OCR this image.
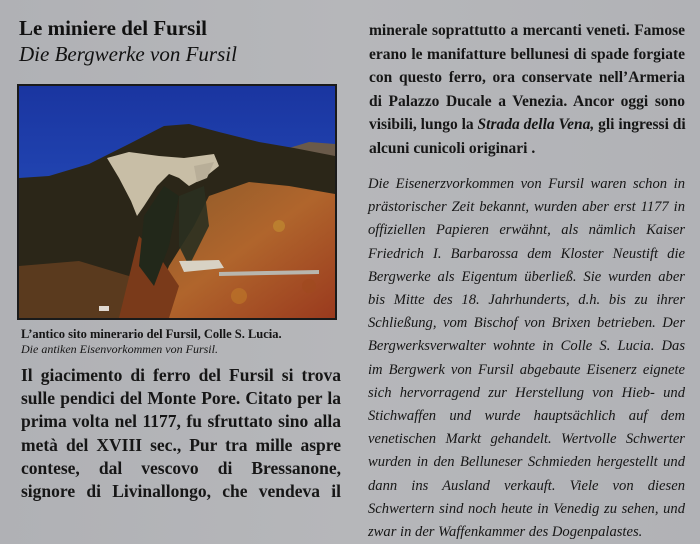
Le miniere del Fursil
Die Bergwerke von Fursil
L’antico sito minerario del Fursil, Colle S. Lucia.
Die antiken Eisenvorkommen von Fursil.
Il giacimento di ferro del Fursil si trova
sulle pendici del Monte Pore. Citato per la
prima volta nel 1177, fu sfruttato sino alla
metà del XVIII sec., Pur tra mille aspre
contese, dal vescovo di Bressanone,
signore di Livinallongo, che vendeva il
minerale soprattutto a mercanti veneti. Famose
erano le manifatture bellunesi di spade forgiate
con questo ferro, ora conservate nell’Armeria
di Palazzo Ducale a Venezia. Ancor oggi sono
visibili, lungo la Strada della Vena, gli ingressi di
alcuni cunicoli originari .
Die Eisenerzvorkommen von Fursil waren schon in
prästorischer Zeit bekannt, wurden aber erst 1177 in
offiziellen Papieren erwähnt, als nämlich Kaiser
Friedrich I. Barbarossa dem Kloster Neustift die
Bergwerke als Eigentum überließ. Sie wurden aber
bis Mitte des 18. Jahrhunderts, d.h. bis zu ihrer
Schließung, vom Bischof von Brixen betrieben. Der
Bergwerksverwalter wohnte in Colle S. Lucia. Das
im Bergwerk von Fursil abgebaute Eisenerz eignete
sich hervorragend zur Herstellung von Hieb- und
Stichwaffen und wurde hauptsächlich auf dem
venetischen Markt gehandelt. Wertvolle Schwerter
wurden in den Belluneser Schmieden hergestellt und
dann ins Ausland verkauft. Viele von diesen
Schwertern sind noch heute in Venedig zu sehen, und
zwar in der Waffenkammer des Dogenpalastes.
